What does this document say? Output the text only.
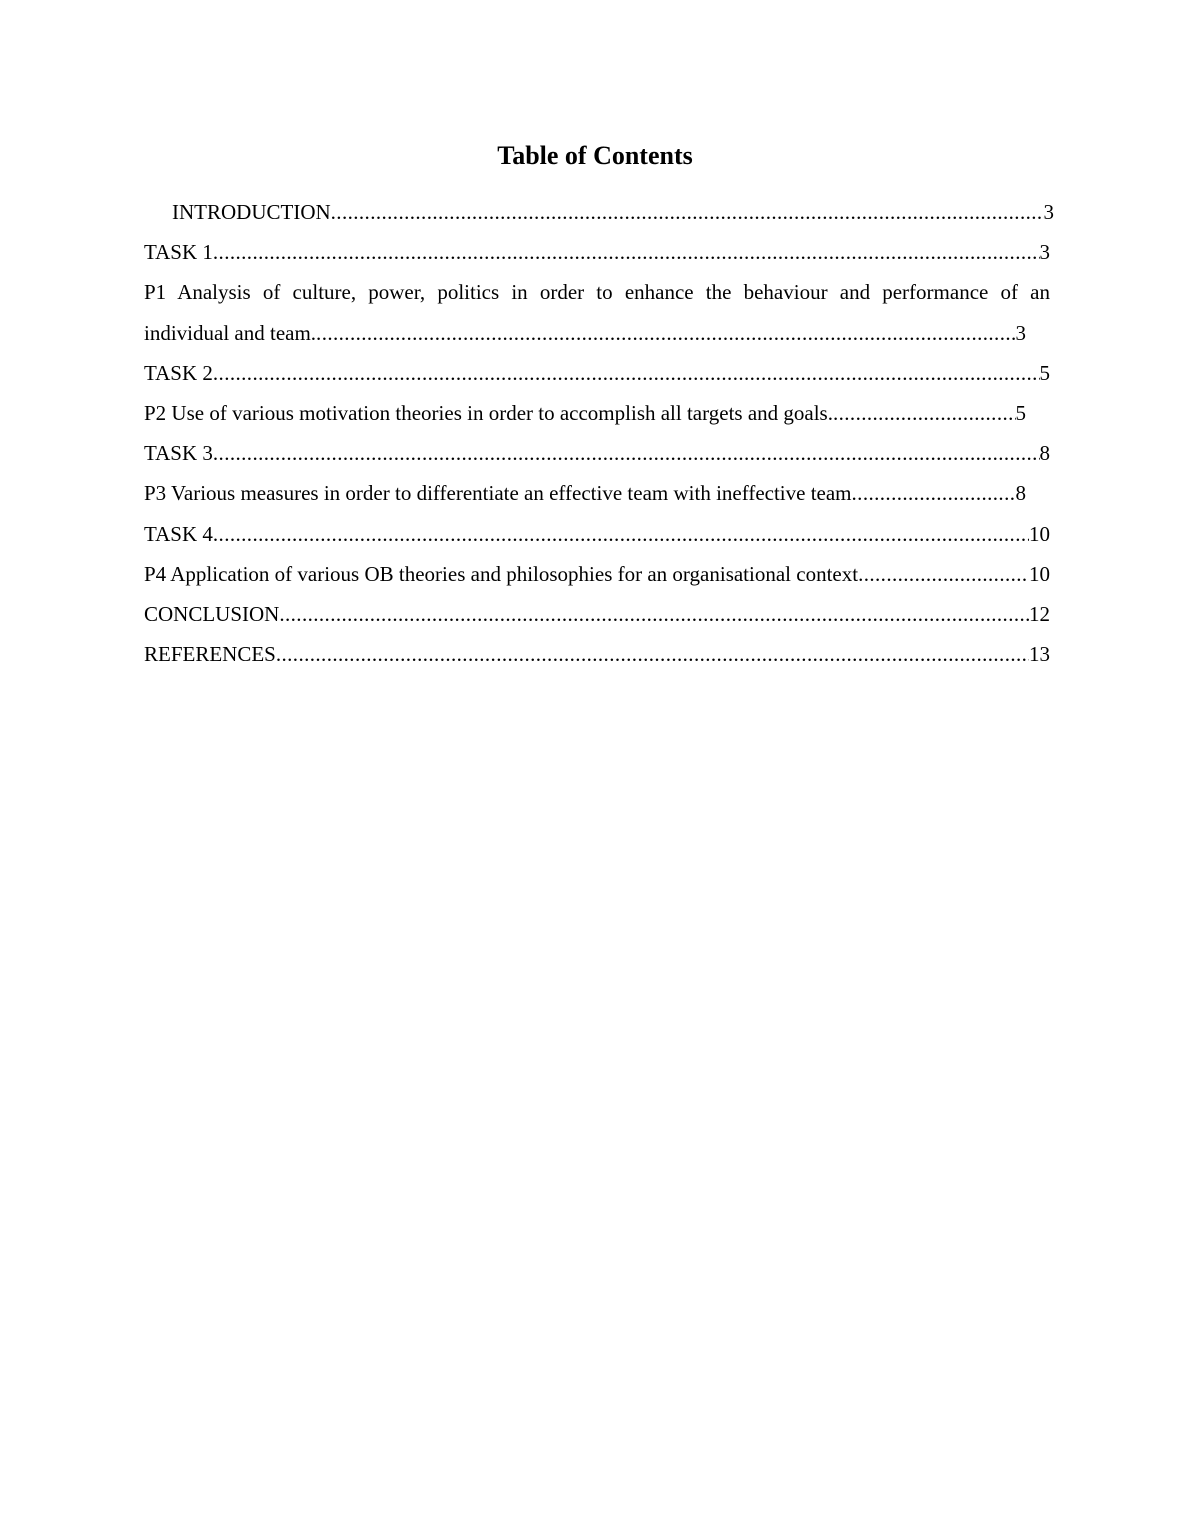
Table of Contents
INTRODUCTION .....	3
TASK 1 .....	3
P1 Analysis of culture, power, politics in order to enhance the behaviour and performance of an
individual and team. .....	3
TASK 2 .....	5
P2 Use of various motivation theories in order to accomplish all targets and goals. .....	5
TASK 3 .....	8
P3 Various measures in order to differentiate an effective team with ineffective team .....	8
TASK 4 .....	10
P4 Application of various OB theories and philosophies for an organisational context .....	10
CONCLUSION .....	12
REFERENCES .....	13
